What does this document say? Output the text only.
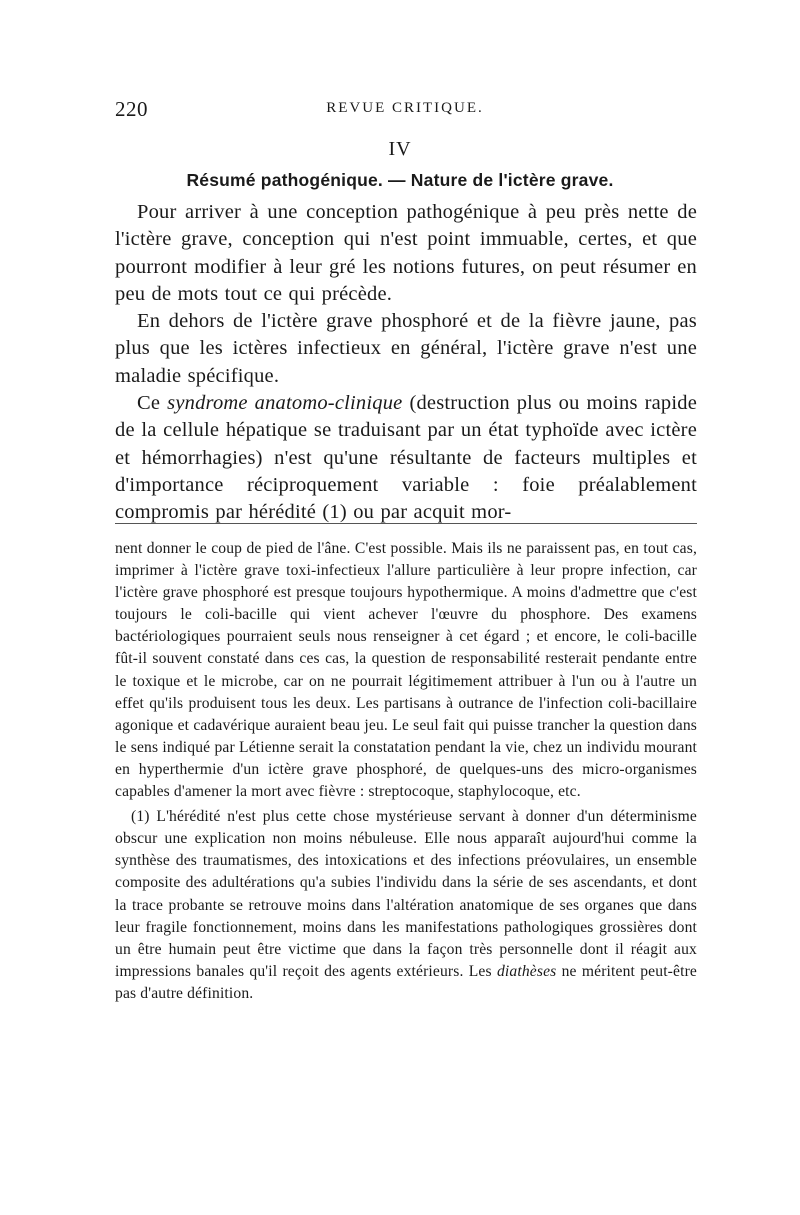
220	REVUE CRITIQUE.
IV
Résumé pathogénique. — Nature de l'ictère grave.

Pour arriver à une conception pathogénique à peu près nette de l'ictère grave, conception qui n'est point immuable, certes, et que pourront modifier à leur gré les notions futures, on peut résumer en peu de mots tout ce qui précède.

En dehors de l'ictère grave phosphoré et de la fièvre jaune, pas plus que les ictères infectieux en général, l'ictère grave n'est une maladie spécifique.

Ce syndrome anatomo-clinique (destruction plus ou moins rapide de la cellule hépatique se traduisant par un état typhoïde avec ictère et hémorrhagies) n'est qu'une résultante de facteurs multiples et d'importance réciproquement variable : foie préalablement compromis par hérédité (1) ou par acquit mor-

nent donner le coup de pied de l'âne. C'est possible. Mais ils ne paraissent pas, en tout cas, imprimer à l'ictère grave toxi-infectieux l'allure particulière à leur propre infection, car l'ictère grave phosphoré est presque toujours hypothermique. A moins d'admettre que c'est toujours le coli-bacille qui vient achever l'œuvre du phosphore. Des examens bactériologiques pourraient seuls nous renseigner à cet égard ; et encore, le coli-bacille fût-il souvent constaté dans ces cas, la question de responsabilité resterait pendante entre le toxique et le microbe, car on ne pourrait légitimement attribuer à l'un ou à l'autre un effet qu'ils produisent tous les deux. Les partisans à outrance de l'infection coli-bacillaire agonique et cadavérique auraient beau jeu. Le seul fait qui puisse trancher la question dans le sens indiqué par Létienne serait la constatation pendant la vie, chez un individu mourant en hyperthermie d'un ictère grave phosphoré, de quelques-uns des micro-organismes capables d'amener la mort avec fièvre : streptocoque, staphylocoque, etc.

(1) L'hérédité n'est plus cette chose mystérieuse servant à donner d'un déterminisme obscur une explication non moins nébuleuse. Elle nous apparaît aujourd'hui comme la synthèse des traumatismes, des intoxications et des infections préovulaires, un ensemble composite des adultérations qu'a subies l'individu dans la série de ses ascendants, et dont la trace probante se retrouve moins dans l'altération anatomique de ses organes que dans leur fragile fonctionnement, moins dans les manifestations pathologiques grossières dont un être humain peut être victime que dans la façon très personnelle dont il réagit aux impressions banales qu'il reçoit des agents extérieurs. Les diathèses ne méritent peut-être pas d'autre définition.
